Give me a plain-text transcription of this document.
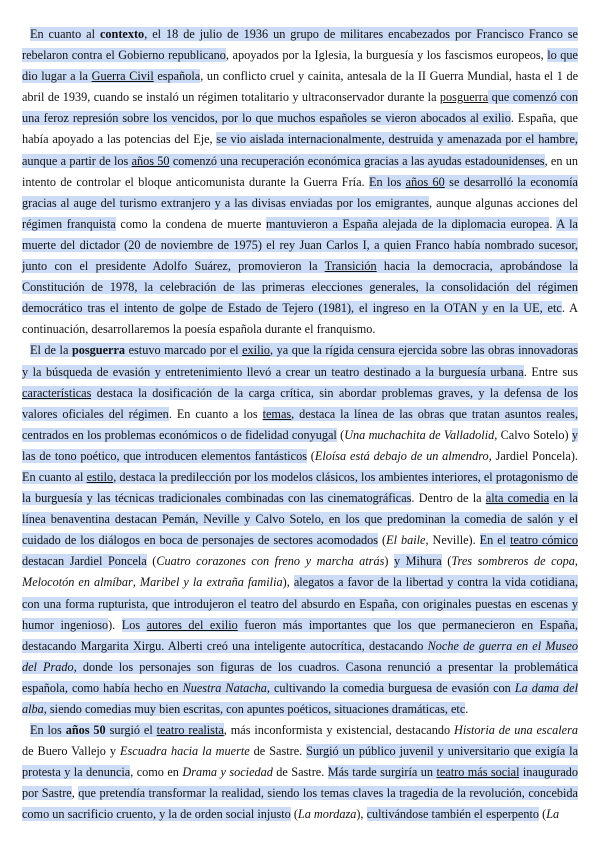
En cuanto al contexto, el 18 de julio de 1936 un grupo de militares encabezados por Francisco Franco se rebelaron contra el Gobierno republicano, apoyados por la Iglesia, la burguesía y los fascismos europeos, lo que dio lugar a la Guerra Civil española, un conflicto cruel y cainita, antesala de la II Guerra Mundial, hasta el 1 de abril de 1939, cuando se instaló un régimen totalitario y ultraconservador durante la posguerra que comenzó con una feroz represión sobre los vencidos, por lo que muchos españoles se vieron abocados al exilio. España, que había apoyado a las potencias del Eje, se vio aislada internacionalmente, destruida y amenazada por el hambre, aunque a partir de los años 50 comenzó una recuperación económica gracias a las ayudas estadounidenses, en un intento de controlar el bloque anticomunista durante la Guerra Fría. En los años 60 se desarrolló la economía gracias al auge del turismo extranjero y a las divisas enviadas por los emigrantes, aunque algunas acciones del régimen franquista como la condena de muerte mantuvieron a España alejada de la diplomacia europea. A la muerte del dictador (20 de noviembre de 1975) el rey Juan Carlos I, a quien Franco había nombrado sucesor, junto con el presidente Adolfo Suárez, promovieron la Transición hacia la democracia, aprobándose la Constitución de 1978, la celebración de las primeras elecciones generales, la consolidación del régimen democrático tras el intento de golpe de Estado de Tejero (1981), el ingreso en la OTAN y en la UE, etc. A continuación, desarrollaremos la poesía española durante el franquismo.

El de la posguerra estuvo marcado por el exilio, ya que la rígida censura ejercida sobre las obras innovadoras y la búsqueda de evasión y entretenimiento llevó a crear un teatro destinado a la burguesía urbana. Entre sus características destaca la dosificación de la carga crítica, sin abordar problemas graves, y la defensa de los valores oficiales del régimen. En cuanto a los temas, destaca la línea de las obras que tratan asuntos reales, centrados en los problemas económicos o de fidelidad conyugal (Una muchachita de Valladolid, Calvo Sotelo) y las de tono poético, que introducen elementos fantásticos (Eloísa está debajo de un almendro, Jardiel Poncela). En cuanto al estilo, destaca la predilección por los modelos clásicos, los ambientes interiores, el protagonismo de la burguesía y las técnicas tradicionales combinadas con las cinematográficas. Dentro de la alta comedia en la línea benaventina destacan Pemán, Neville y Calvo Sotelo, en los que predominan la comedia de salón y el cuidado de los diálogos en boca de personajes de sectores acomodados (El baile, Neville). En el teatro cómico destacan Jardiel Poncela (Cuatro corazones con freno y marcha atrás) y Mihura (Tres sombreros de copa, Melocotón en almíbar, Maribel y la extraña familia), alegatos a favor de la libertad y contra la vida cotidiana, con una forma rupturista, que introdujeron el teatro del absurdo en España, con originales puestas en escenas y humor ingenioso). Los autores del exilio fueron más importantes que los que permanecieron en España, destacando Margarita Xirgu. Alberti creó una inteligente autocrítica, destacando Noche de guerra en el Museo del Prado, donde los personajes son figuras de los cuadros. Casona renunció a presentar la problemática española, como había hecho en Nuestra Natacha, cultivando la comedia burguesa de evasión con La dama del alba, siendo comedias muy bien escritas, con apuntes poéticos, situaciones dramáticas, etc.

En los años 50 surgió el teatro realista, más inconformista y existencial, destacando Historia de una escalera de Buero Vallejo y Escuadra hacia la muerte de Sastre. Surgió un público juvenil y universitario que exigía la protesta y la denuncia, como en Drama y sociedad de Sastre. Más tarde surgiría un teatro más social inaugurado por Sastre, que pretendía transformar la realidad, siendo los temas claves la tragedia de la revolución, concebida como un sacrificio cruento, y la de orden social injusto (La mordaza), cultivándose también el esperpento (La
